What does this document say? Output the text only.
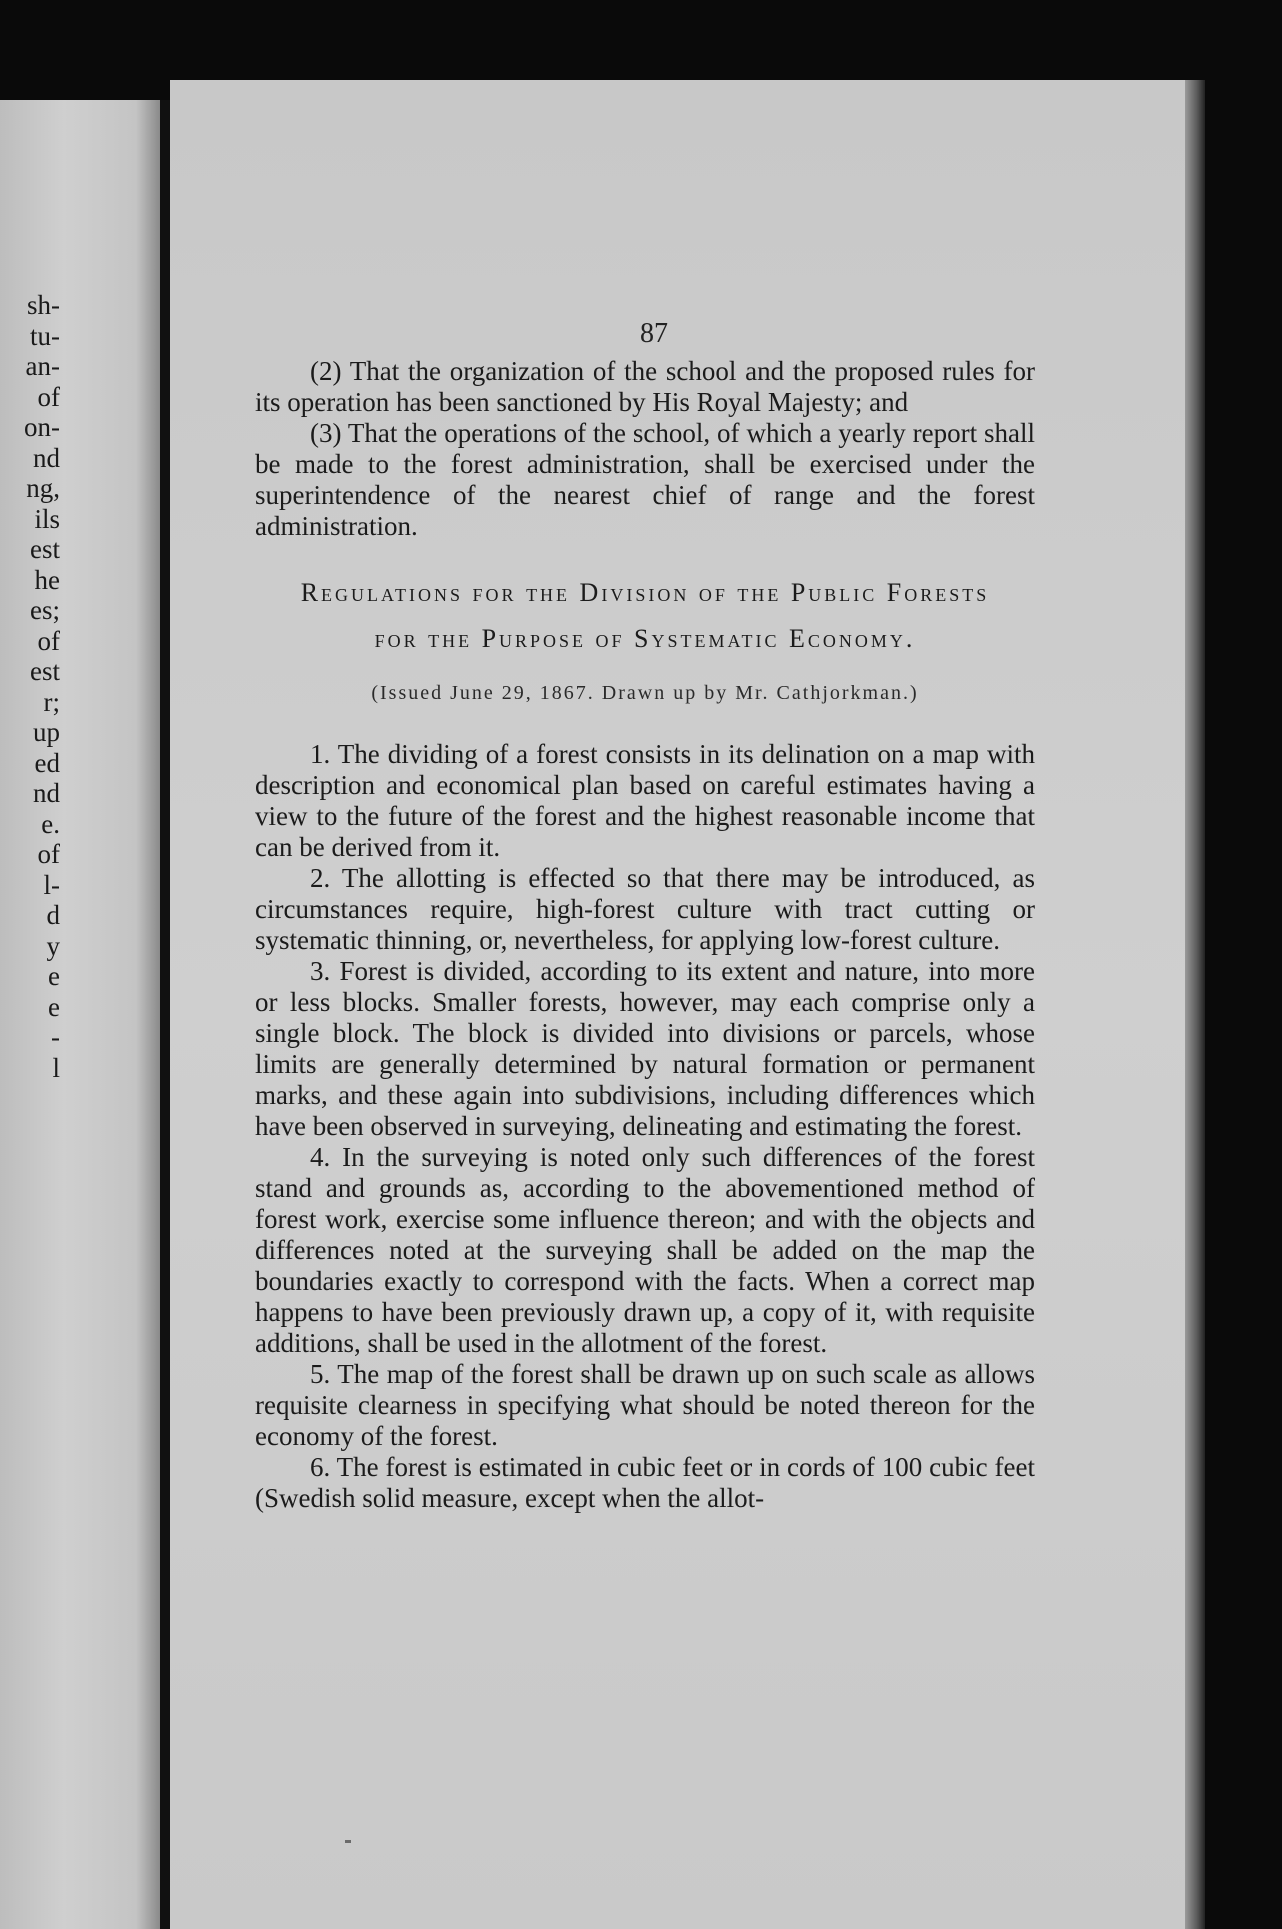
sh-
tu-
an-
of
on-
nd
ng,
ils
est
he
es;
of
est
r;
up
ed
nd
e.
of
l-
d
y
e
e
-
l
87

(2) That the organization of the school and the proposed rules for its operation has been sanctioned by His Royal Majesty; and

(3) That the operations of the school, of which a yearly report shall be made to the forest administration, shall be exercised under the superintendence of the nearest chief of range and the forest administration.

Regulations for the Division of the Public Forests
for the Purpose of Systematic Economy.
(Issued June 29, 1867. Drawn up by Mr. Cathjorkman.)

1. The dividing of a forest consists in its delination on a map with description and economical plan based on careful estimates having a view to the future of the forest and the highest reasonable income that can be derived from it.

2. The allotting is effected so that there may be introduced, as circumstances require, high-forest culture with tract cutting or systematic thinning, or, nevertheless, for applying low-forest culture.

3. Forest is divided, according to its extent and nature, into more or less blocks. Smaller forests, however, may each comprise only a single block. The block is divided into divisions or parcels, whose limits are generally determined by natural formation or permanent marks, and these again into subdivisions, including differences which have been observed in surveying, delineating and estimating the forest.

4. In the surveying is noted only such differences of the forest stand and grounds as, according to the abovementioned method of forest work, exercise some influence thereon; and with the objects and differences noted at the surveying shall be added on the map the boundaries exactly to correspond with the facts. When a correct map happens to have been previously drawn up, a copy of it, with requisite additions, shall be used in the allotment of the forest.

5. The map of the forest shall be drawn up on such scale as allows requisite clearness in specifying what should be noted thereon for the economy of the forest.

6. The forest is estimated in cubic feet or in cords of 100 cubic feet (Swedish solid measure, except when the allot-
